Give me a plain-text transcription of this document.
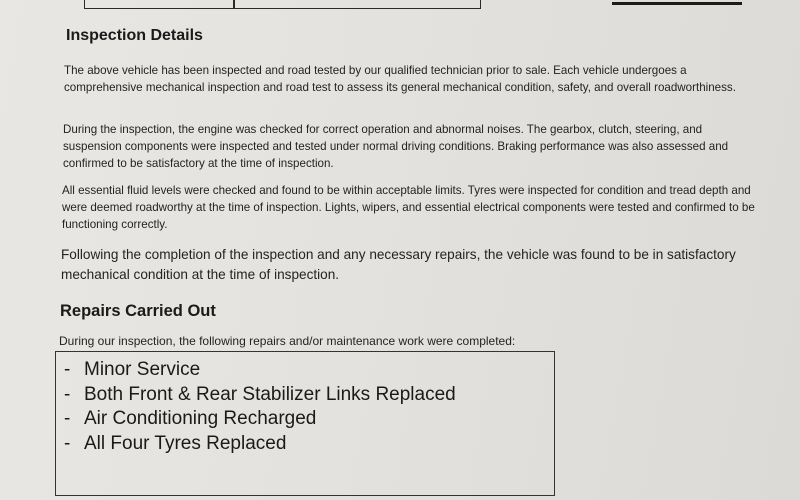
Inspection Details

The above vehicle has been inspected and road tested by our qualified technician prior to sale. Each vehicle undergoes a comprehensive mechanical inspection and road test to assess its general mechanical condition, safety, and overall roadworthiness.

During the inspection, the engine was checked for correct operation and abnormal noises. The gearbox, clutch, steering, and suspension components were inspected and tested under normal driving conditions. Braking performance was also assessed and confirmed to be satisfactory at the time of inspection.

All essential fluid levels were checked and found to be within acceptable limits. Tyres were inspected for condition and tread depth and were deemed roadworthy at the time of inspection. Lights, wipers, and essential electrical components were tested and confirmed to be functioning correctly.

Following the completion of the inspection and any necessary repairs, the vehicle was found to be in satisfactory mechanical condition at the time of inspection.

Repairs Carried Out

During our inspection, the following repairs and/or maintenance work were completed:

- Minor Service
- Both Front & Rear Stabilizer Links Replaced
- Air Conditioning Recharged
- All Four Tyres Replaced
